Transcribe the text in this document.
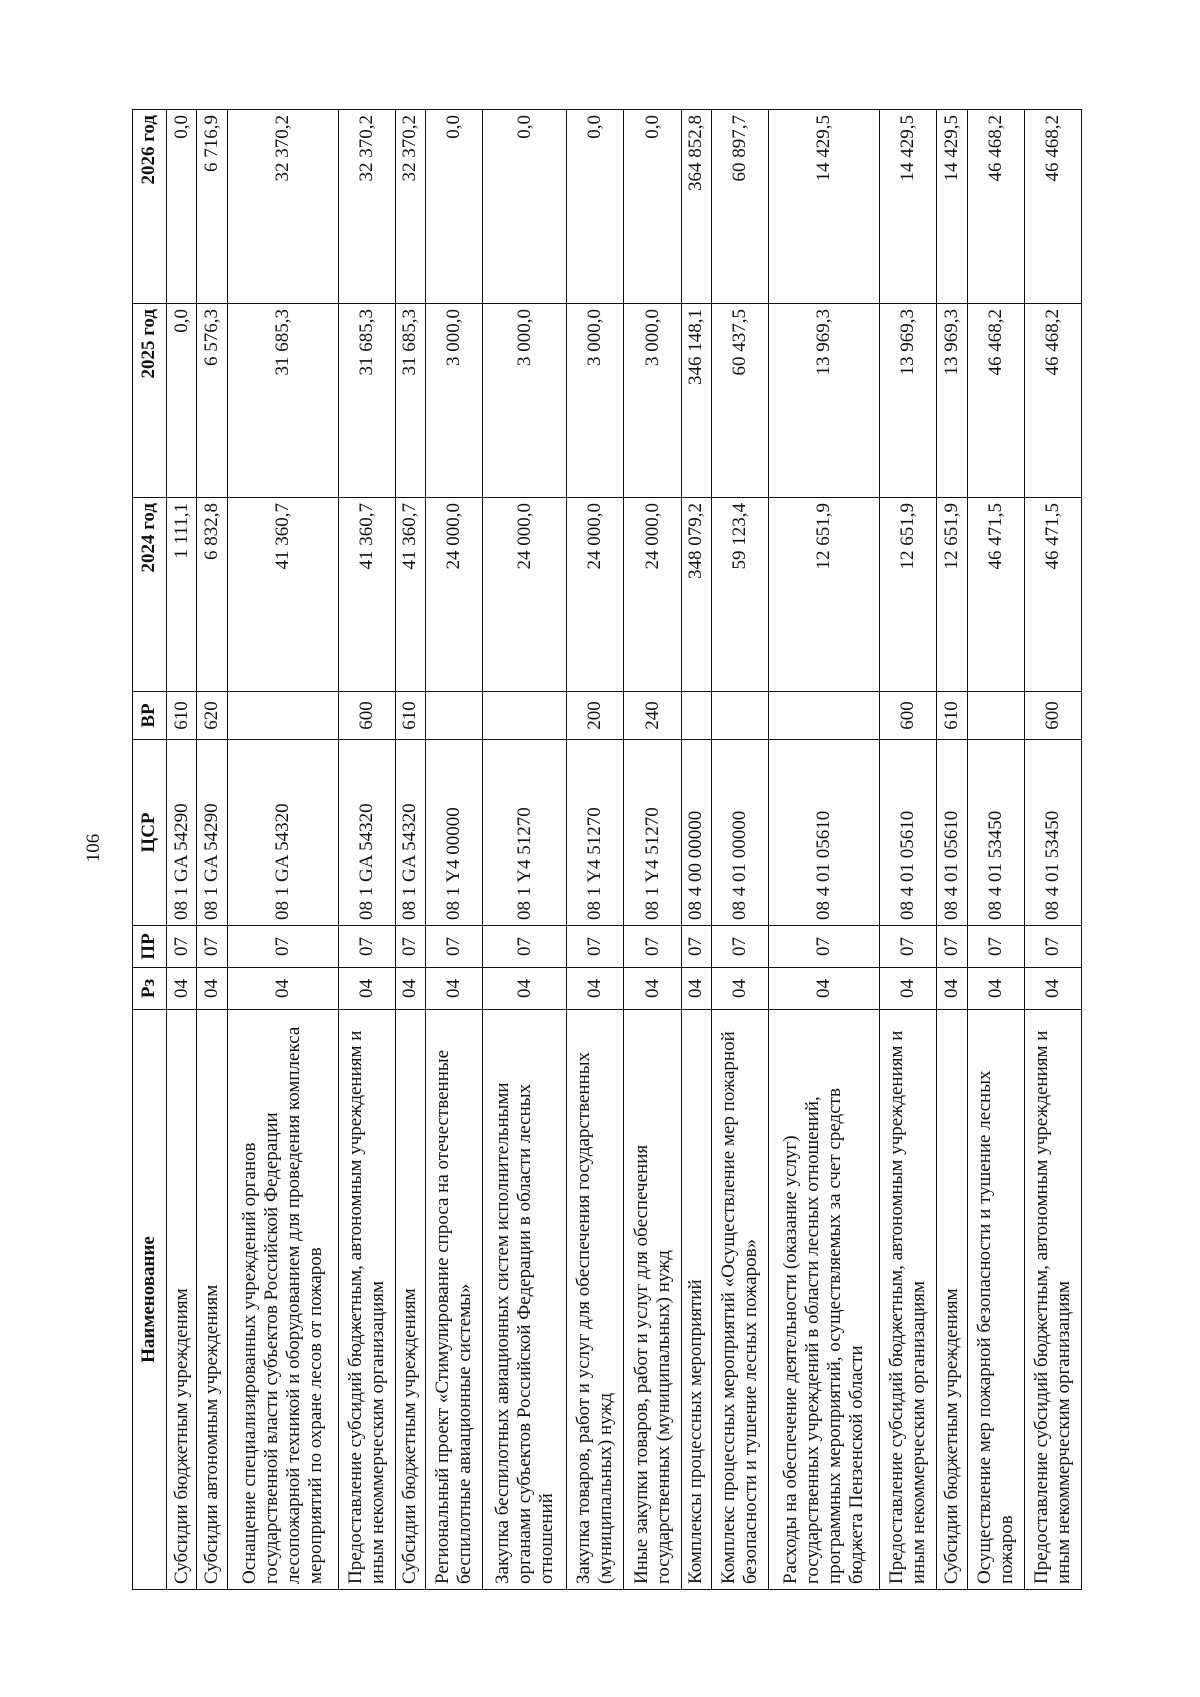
106
Наименование	Рз	ПР	ЦСР	ВР	2024 год	2025 год	2026 год
Субсидии бюджетным учреждениям	04	07	08 1 GA 54290	610	1 111,1	0,0	0,0
Субсидии автономным учреждениям	04	07	08 1 GA 54290	620	6 832,8	6 576,3	6 716,9
Оснащение специализированных учреждений органов государственной власти субъектов Российской Федерации лесопожарной техникой и оборудованием для проведения комплекса мероприятий по охране лесов от пожаров	04	07	08 1 GA 54320		41 360,7	31 685,3	32 370,2
Предоставление субсидий бюджетным, автономным учреждениям и иным некоммерческим организациям	04	07	08 1 GA 54320	600	41 360,7	31 685,3	32 370,2
Субсидии бюджетным учреждениям	04	07	08 1 GA 54320	610	41 360,7	31 685,3	32 370,2
Региональный проект «Стимулирование спроса на отечественные беспилотные авиационные системы»	04	07	08 1 Y4 00000		24 000,0	3 000,0	0,0
Закупка беспилотных авиационных систем исполнительными органами субъектов Российской Федерации в области лесных отношений	04	07	08 1 Y4 51270		24 000,0	3 000,0	0,0
Закупка товаров, работ и услуг для обеспечения государственных (муниципальных) нужд	04	07	08 1 Y4 51270	200	24 000,0	3 000,0	0,0
Иные закупки товаров, работ и услуг для обеспечения государственных (муниципальных) нужд	04	07	08 1 Y4 51270	240	24 000,0	3 000,0	0,0
Комплексы процессных мероприятий	04	07	08 4 00 00000		348 079,2	346 148,1	364 852,8
Комплекс процессных мероприятий «Осуществление мер пожарной безопасности и тушение лесных пожаров»	04	07	08 4 01 00000		59 123,4	60 437,5	60 897,7
Расходы на обеспечение деятельности (оказание услуг) государственных учреждений в области лесных отношений, программных мероприятий, осуществляемых за счет средств бюджета Пензенской области	04	07	08 4 01 05610		12 651,9	13 969,3	14 429,5
Предоставление субсидий бюджетным, автономным учреждениям и иным некоммерческим организациям	04	07	08 4 01 05610	600	12 651,9	13 969,3	14 429,5
Субсидии бюджетным учреждениям	04	07	08 4 01 05610	610	12 651,9	13 969,3	14 429,5
Осуществление мер пожарной безопасности и тушение лесных пожаров	04	07	08 4 01 53450		46 471,5	46 468,2	46 468,2
Предоставление субсидий бюджетным, автономным учреждениям и иным некоммерческим организациям	04	07	08 4 01 53450	600	46 471,5	46 468,2	46 468,2
